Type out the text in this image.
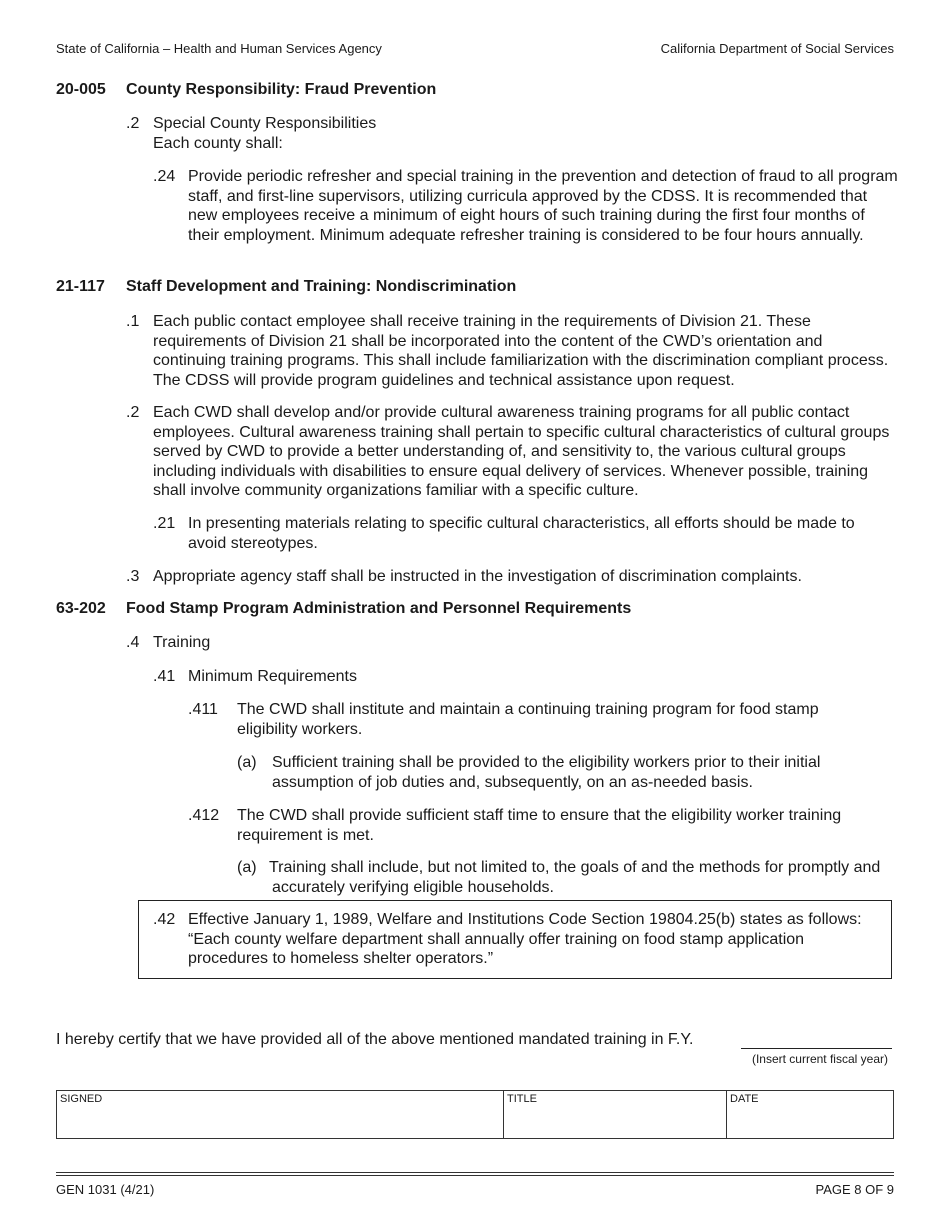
State of California – Health and Human Services Agency	California Department of Social Services
20-005 County Responsibility: Fraud Prevention
.2 Special County Responsibilities
Each county shall:
.24 Provide periodic refresher and special training in the prevention and detection of fraud to all program staff, and first-line supervisors, utilizing curricula approved by the CDSS. It is recommended that new employees receive a minimum of eight hours of such training during the first four months of their employment. Minimum adequate refresher training is considered to be four hours annually.
21-117 Staff Development and Training: Nondiscrimination
.1 Each public contact employee shall receive training in the requirements of Division 21. These requirements of Division 21 shall be incorporated into the content of the CWD’s orientation and continuing training programs. This shall include familiarization with the discrimination compliant process. The CDSS will provide program guidelines and technical assistance upon request.
.2 Each CWD shall develop and/or provide cultural awareness training programs for all public contact employees. Cultural awareness training shall pertain to specific cultural characteristics of cultural groups served by CWD to provide a better understanding of, and sensitivity to, the various cultural groups including individuals with disabilities to ensure equal delivery of services. Whenever possible, training shall involve community organizations familiar with a specific culture.
.21 In presenting materials relating to specific cultural characteristics, all efforts should be made to avoid stereotypes.
.3 Appropriate agency staff shall be instructed in the investigation of discrimination complaints.
63-202 Food Stamp Program Administration and Personnel Requirements
.4 Training
.41 Minimum Requirements
.411 The CWD shall institute and maintain a continuing training program for food stamp eligibility workers.
(a) Sufficient training shall be provided to the eligibility workers prior to their initial assumption of job duties and, subsequently, on an as-needed basis.
.412 The CWD shall provide sufficient staff time to ensure that the eligibility worker training requirement is met.
(a) Training shall include, but not limited to, the goals of and the methods for promptly and accurately verifying eligible households.
.42 Effective January 1, 1989, Welfare and Institutions Code Section 19804.25(b) states as follows: “Each county welfare department shall annually offer training on food stamp application procedures to homeless shelter operators.”
I hereby certify that we have provided all of the above mentioned mandated training in F.Y.
(Insert current fiscal year)
SIGNED	TITLE	DATE
GEN 1031 (4/21)	PAGE 8 OF 9
